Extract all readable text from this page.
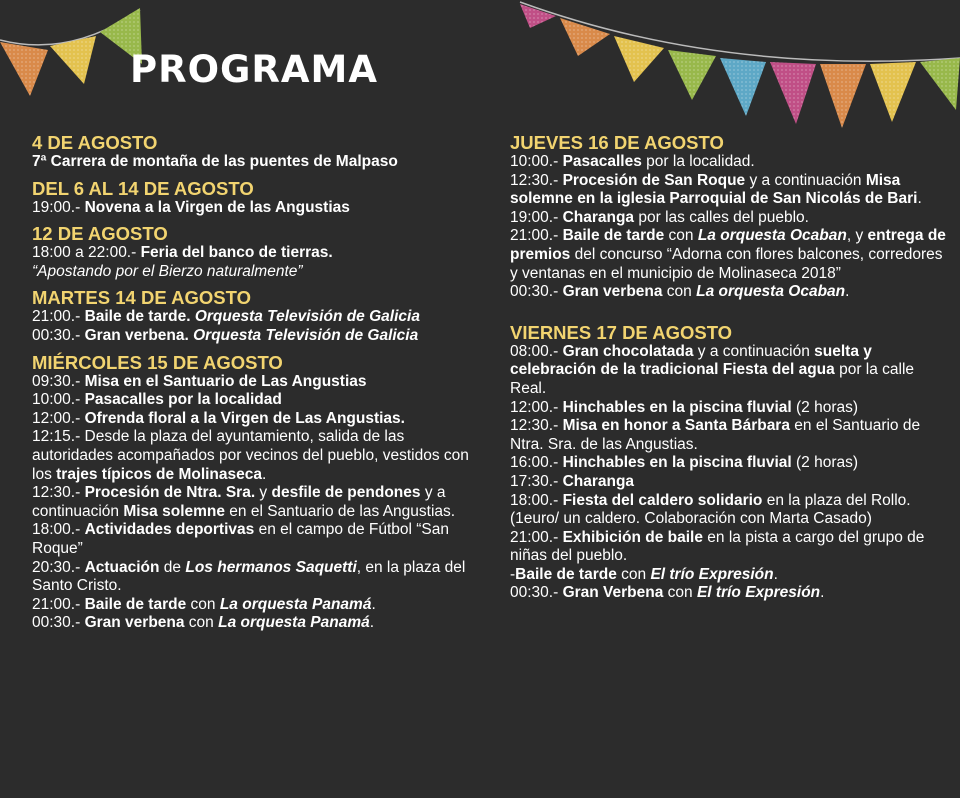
PROGRAMA
4 DE AGOSTO

7ª Carrera de montaña de las puentes de Malpaso

DEL 6 AL 14 DE AGOSTO

19:00.- Novena a la Virgen de las Angustias

12 DE AGOSTO

18:00 a 22:00.- Feria del banco de tierras.

“Apostando por el Bierzo naturalmente”

MARTES 14 DE AGOSTO

21:00.- Baile de tarde. Orquesta Televisión de Galicia

00:30.- Gran verbena. Orquesta Televisión de Galicia

MIÉRCOLES 15 DE AGOSTO

09:30.- Misa en el Santuario de Las Angustias

10:00.- Pasacalles por la localidad

12:00.- Ofrenda floral a la Virgen de Las Angustias.

12:15.- Desde la plaza del ayuntamiento, salida de las autoridades acompañados por vecinos del pueblo, vestidos con los trajes típicos de Molinaseca.

12:30.- Procesión de Ntra. Sra. y desfile de pendones y a continuación Misa solemne en el Santuario de las Angustias.

18:00.- Actividades deportivas en el campo de Fútbol “San Roque”

20:30.- Actuación de Los hermanos Saquetti, en la plaza del Santo Cristo.

21:00.- Baile de tarde con La orquesta Panamá.

00:30.- Gran verbena con La orquesta Panamá.

JUEVES 16 DE AGOSTO

10:00.- Pasacalles por la localidad.

12:30.- Procesión de San Roque y a continuación Misa solemne en la iglesia Parroquial de San Nicolás de Bari.

19:00.- Charanga por las calles del pueblo.

21:00.- Baile de tarde con La orquesta Ocaban, y entrega de premios del concurso “Adorna con flores balcones, corredores y ventanas en el municipio de Molinaseca 2018”

00:30.- Gran verbena con La orquesta Ocaban.

VIERNES 17 DE AGOSTO

08:00.- Gran chocolatada y a continuación suelta y celebración de la tradicional Fiesta del agua por la calle Real.

12:00.- Hinchables en la piscina fluvial (2 horas)

12:30.- Misa en honor a Santa Bárbara en el Santuario de Ntra. Sra. de las Angustias.

16:00.- Hinchables en la piscina fluvial (2 horas)

17:30.- Charanga

18:00.- Fiesta del caldero solidario en la plaza del Rollo. (1euro/ un caldero. Colaboración con Marta Casado)

21:00.- Exhibición de baile en la pista a cargo del grupo de niñas del pueblo.

-Baile de tarde con El trío Expresión.

00:30.- Gran Verbena con El trío Expresión.
